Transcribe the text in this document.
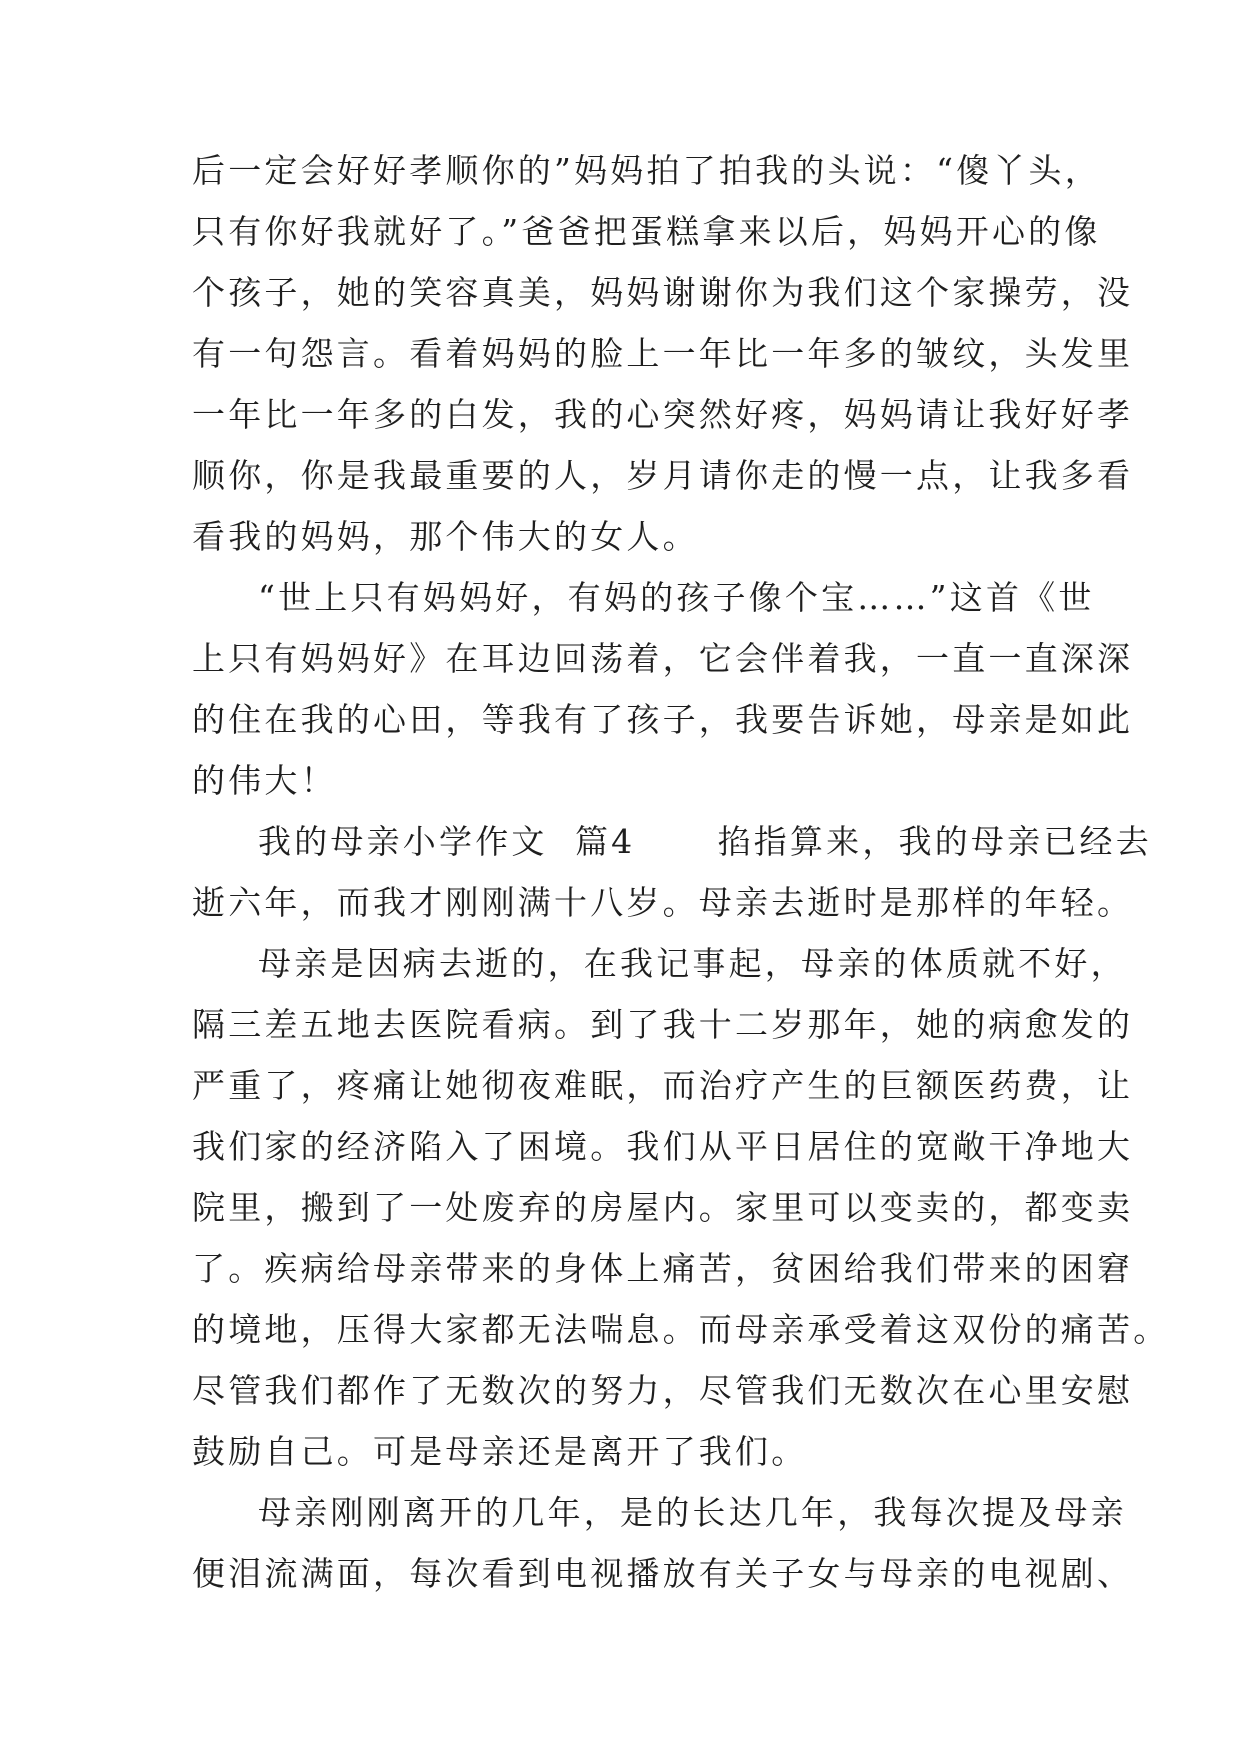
后一定会好好孝顺你的”妈妈拍了拍我的头说：“傻丫头，
只有你好我就好了。”爸爸把蛋糕拿来以后，妈妈开心的像
个孩子，她的笑容真美，妈妈谢谢你为我们这个家操劳，没
有一句怨言。看着妈妈的脸上一年比一年多的皱纹，头发里
一年比一年多的白发，我的心突然好疼，妈妈请让我好好孝
顺你，你是我最重要的人，岁月请你走的慢一点，让我多看
看我的妈妈，那个伟大的女人。
“世上只有妈妈好，有妈的孩子像个宝……”这首《世
上只有妈妈好》在耳边回荡着，它会伴着我，一直一直深深
的住在我的心田，等我有了孩子，我要告诉她，母亲是如此
的伟大！
我的母亲小学作文  篇4      掐指算来，我的母亲已经去
逝六年，而我才刚刚满十八岁。母亲去逝时是那样的年轻。
母亲是因病去逝的，在我记事起，母亲的体质就不好，
隔三差五地去医院看病。到了我十二岁那年，她的病愈发的
严重了，疼痛让她彻夜难眠，而治疗产生的巨额医药费，让
我们家的经济陷入了困境。我们从平日居住的宽敞干净地大
院里，搬到了一处废弃的房屋内。家里可以变卖的，都变卖
了。疾病给母亲带来的身体上痛苦，贫困给我们带来的困窘
的境地，压得大家都无法喘息。而母亲承受着这双份的痛苦。
尽管我们都作了无数次的努力，尽管我们无数次在心里安慰
鼓励自己。可是母亲还是离开了我们。
母亲刚刚离开的几年，是的长达几年，我每次提及母亲
便泪流满面，每次看到电视播放有关子女与母亲的电视剧、
